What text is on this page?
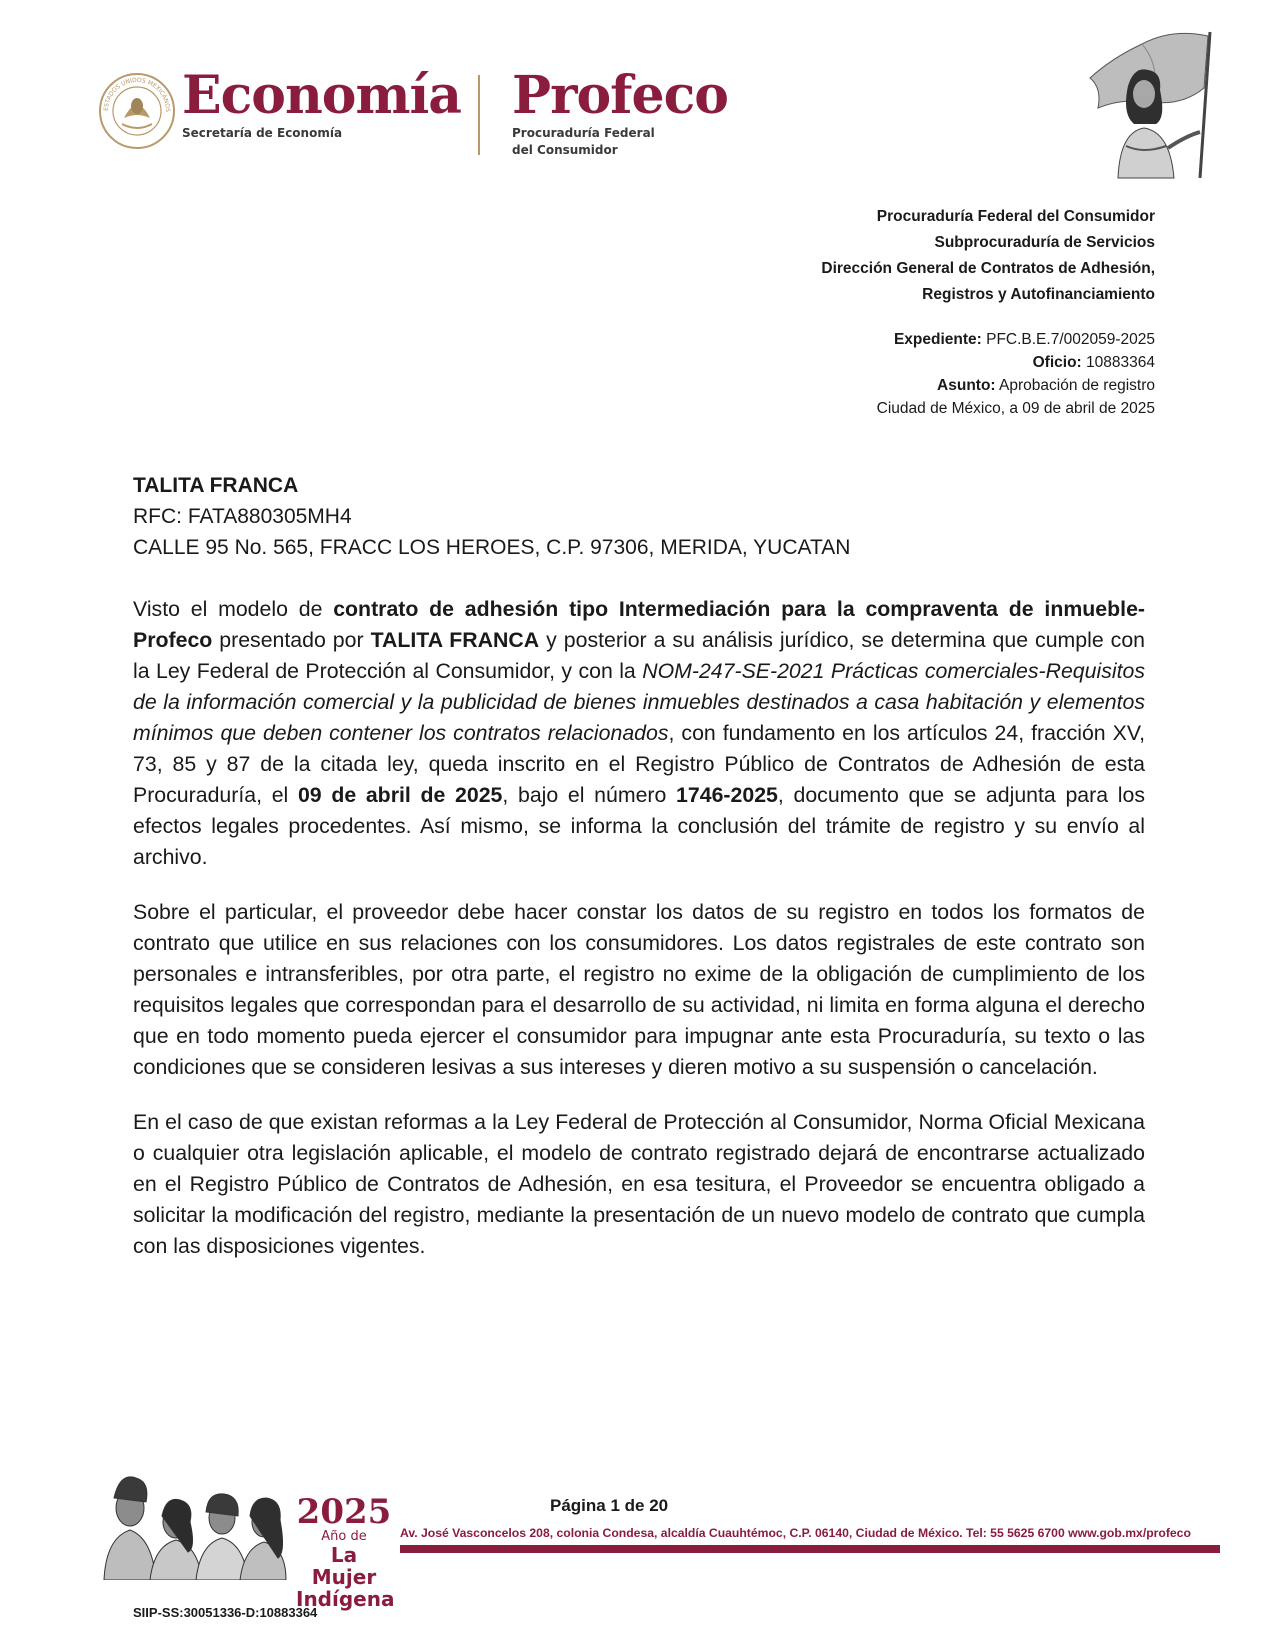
ESTADOS UNIDOS MEXICANOS Economía
Secretaría de Economía
Profeco
Procuraduría Federal
del Consumidor
Procuraduría Federal del Consumidor
Subprocuraduría de Servicios
Dirección General de Contratos de Adhesión,
Registros y Autofinanciamiento
Expediente: PFC.B.E.7/002059-2025
Oficio: 10883364
Asunto: Aprobación de registro
Ciudad de México, a 09 de abril de 2025
TALITA FRANCA
RFC: FATA880305MH4
CALLE 95 No. 565, FRACC LOS HEROES, C.P. 97306, MERIDA, YUCATAN

Visto el modelo de contrato de adhesión tipo Intermediación para la compraventa de inmueble-Profeco presentado por TALITA FRANCA y posterior a su análisis jurídico, se determina que cumple con la Ley Federal de Protección al Consumidor, y con la NOM-247-SE-2021 Prácticas comerciales-Requisitos de la información comercial y la publicidad de bienes inmuebles destinados a casa habitación y elementos mínimos que deben contener los contratos relacionados, con fundamento en los artículos 24, fracción XV, 73, 85 y 87 de la citada ley, queda inscrito en el Registro Público de Contratos de Adhesión de esta Procuraduría, el 09 de abril de 2025, bajo el número 1746-2025, documento que se adjunta para los efectos legales procedentes. Así mismo, se informa la conclusión del trámite de registro y su envío al archivo.

Sobre el particular, el proveedor debe hacer constar los datos de su registro en todos los formatos de contrato que utilice en sus relaciones con los consumidores. Los datos registrales de este contrato son personales e intransferibles, por otra parte, el registro no exime de la obligación de cumplimiento de los requisitos legales que correspondan para el desarrollo de su actividad, ni limita en forma alguna el derecho que en todo momento pueda ejercer el consumidor para impugnar ante esta Procuraduría, su texto o las condiciones que se consideren lesivas a sus intereses y dieren motivo a su suspensión o cancelación.

En el caso de que existan reformas a la Ley Federal de Protección al Consumidor, Norma Oficial Mexicana o cualquier otra legislación aplicable, el modelo de contrato registrado dejará de encontrarse actualizado en el Registro Público de Contratos de Adhesión, en esa tesitura, el Proveedor se encuentra obligado a solicitar la modificación del registro, mediante la presentación de un nuevo modelo de contrato que cumpla con las disposiciones vigentes.

2025
Año de
La Mujer
Indígena
Página 1 de 20
Av. José Vasconcelos 208, colonia Condesa, alcaldía Cuauhtémoc, C.P. 06140, Ciudad de México. Tel: 55 5625 6700 www.gob.mx/profeco
SIIP-SS:30051336-D:10883364
